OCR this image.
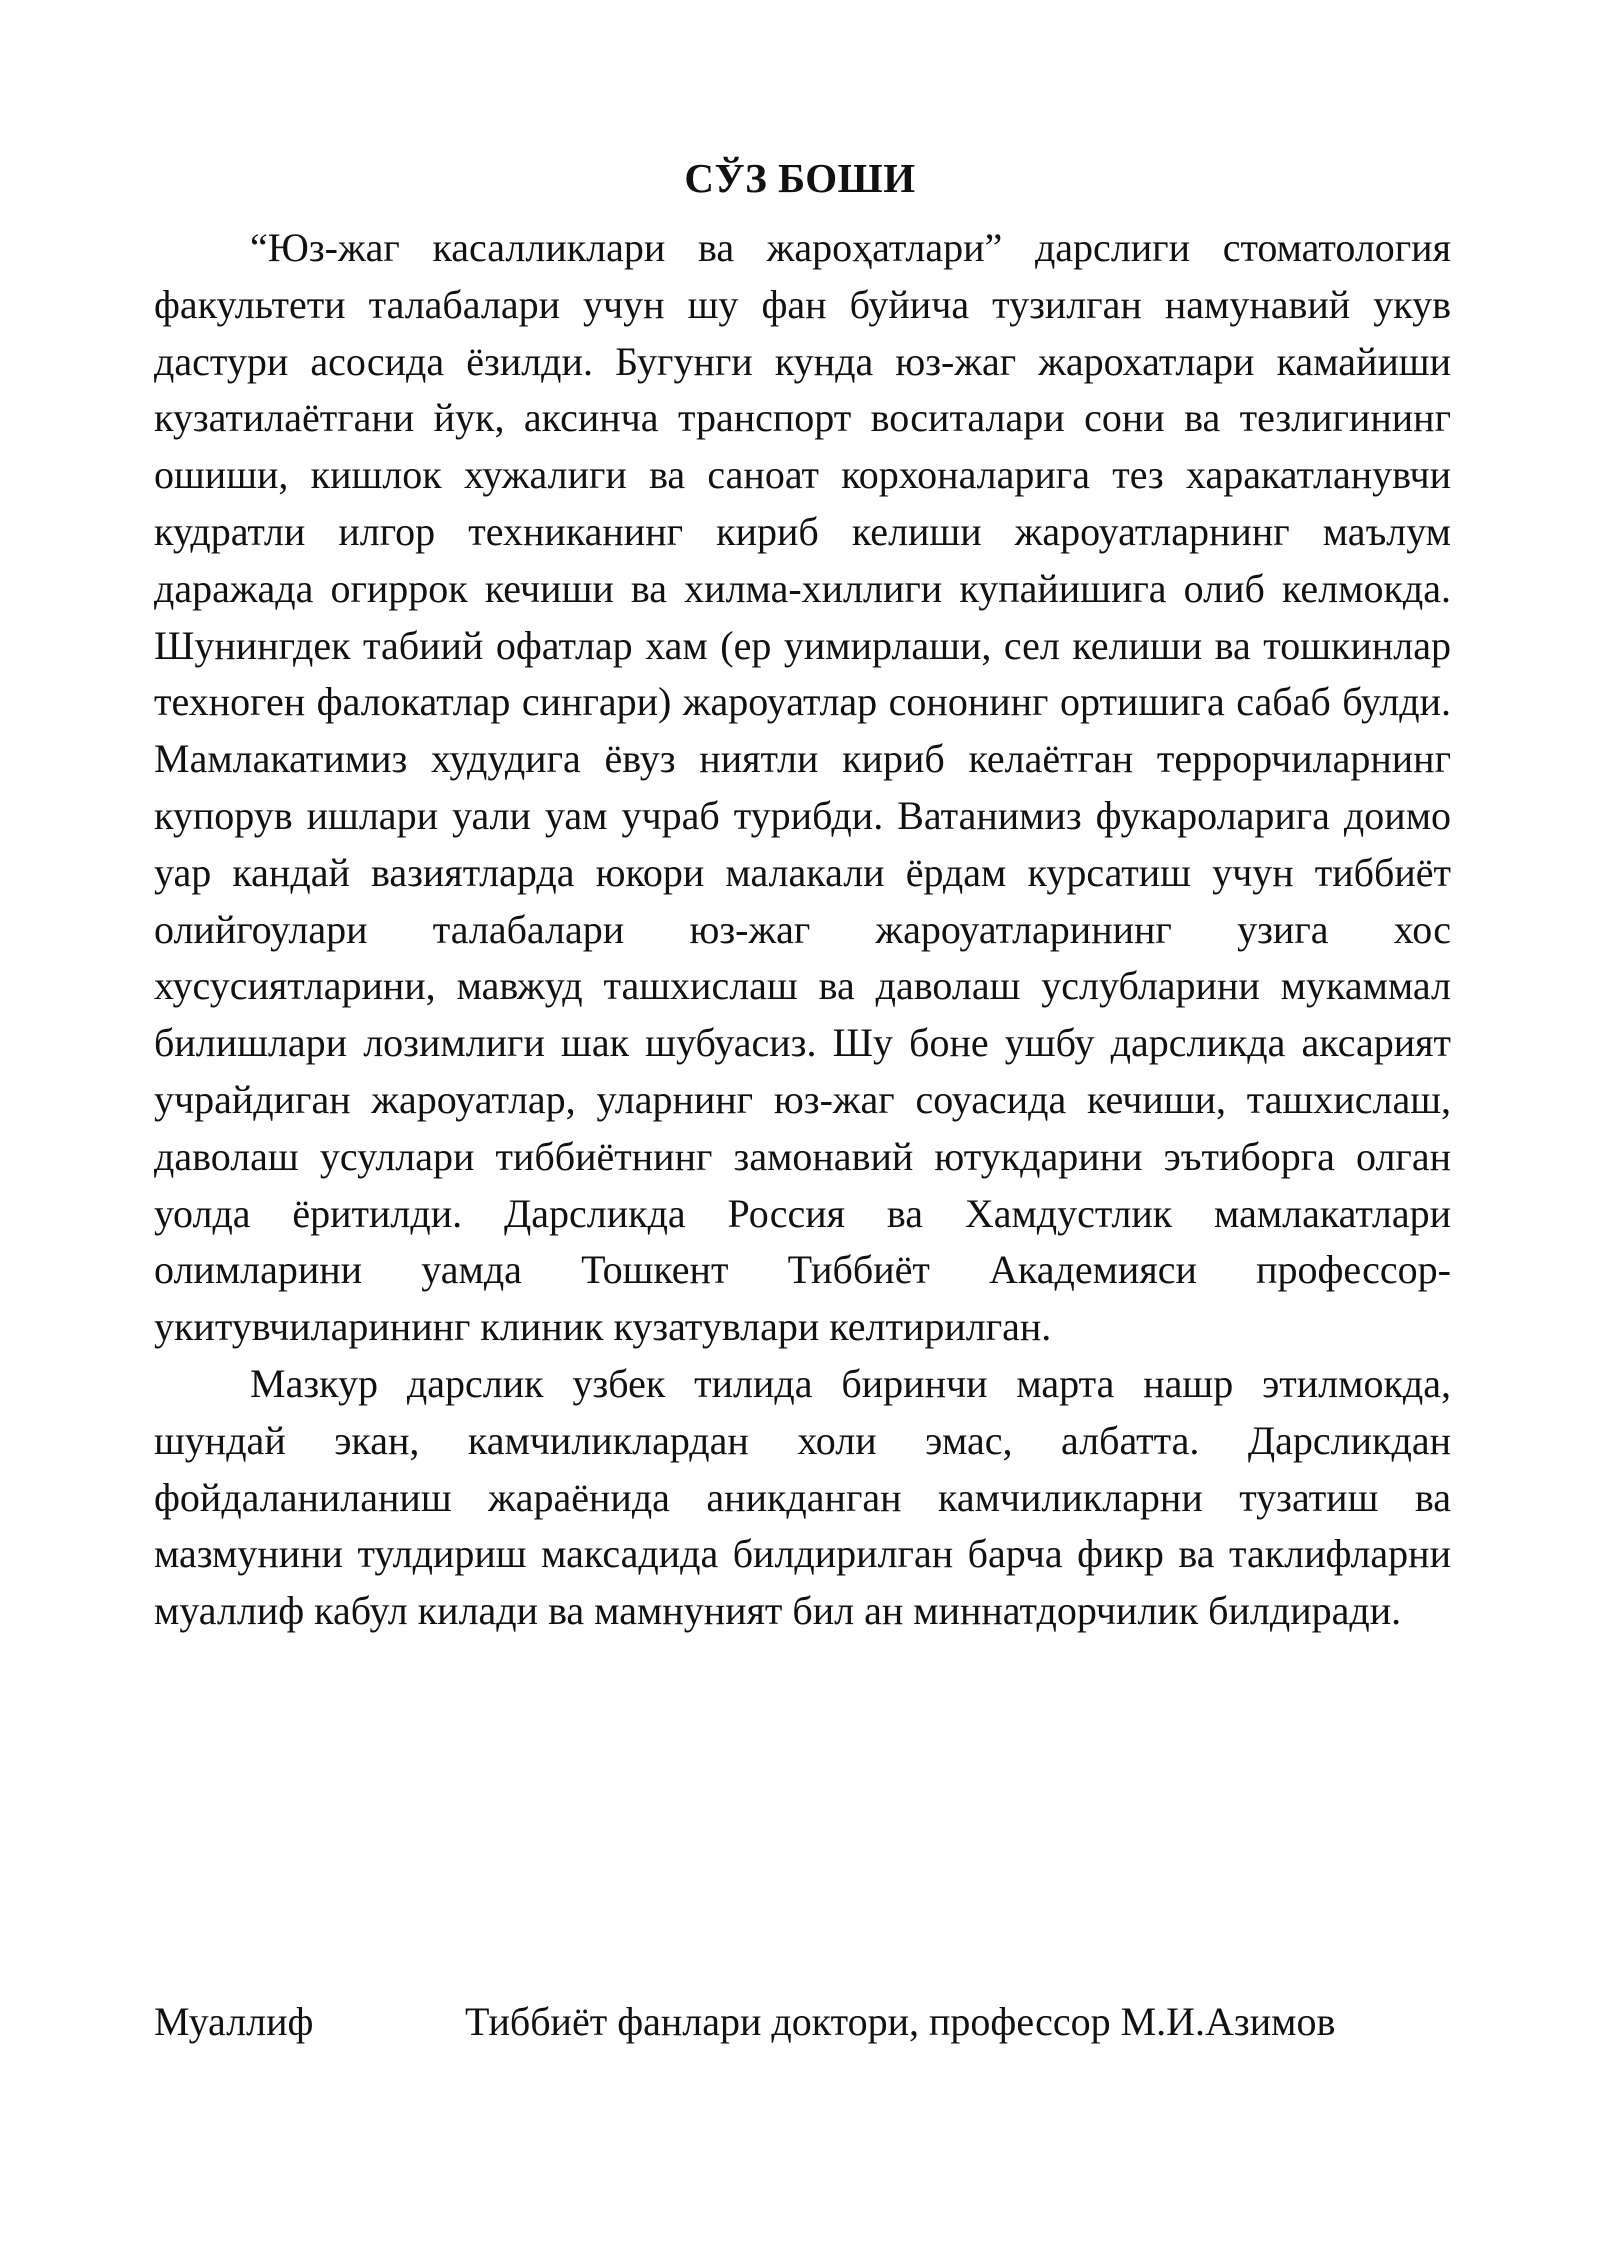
СЎЗ БОШИ

“Юз-жаг касалликлари ва жароҳатлари” дарслиги стоматология факультети талабалари учун шу фан буйича тузилган намунавий укув дастури асосида ёзилди. Бугунги кунда юз-жаг жарохатлари камайиши кузатилаётгани йук, аксинча транспорт воситалари сони ва тезлигининг ошиши, кишлок хужалиги ва саноат корхоналарига тез харакатланувчи кудратли илгор техниканинг кириб келиши жароуатларнинг маълум даражада огиррок кечиши ва хилма-хиллиги купайишига олиб келмокда. Шунингдек табиий офатлар хам (ер уимирлаши, сел келиши ва тошкинлар техноген фалокатлар сингари) жароуатлар сононинг ортишига сабаб булди. Мамлакатимиз худудига ёвуз ниятли кириб келаётган террорчиларнинг купорув ишлари уали уам учраб турибди. Ватанимиз фукароларига доимо уар кандай вазиятларда юкори малакали ёрдам курсатиш учун тиббиёт олийгоулари талабалари юз-жаг жароуатларининг узига хос хусусиятларини, мавжуд ташхислаш ва даволаш услубларини мукаммал билишлари лозимлиги шак шубуасиз. Шу боне ушбу дарсликда аксарият учрайдиган жароуатлар, уларнинг юз-жаг соуасида кечиши, ташхислаш, даволаш усуллари тиббиётнинг замонавий ютукдарини эътиборга олган уолда ёритилди. Дарсликда Россия ва Хамдустлик мамлакатлари олимларини уамда Тошкент Тиббиёт Академияси профессор-укитувчиларининг клиник кузатувлари келтирилган.

Мазкур дарслик узбек тилида биринчи марта нашр этилмокда, шундай экан, камчиликлардан холи эмас, албатта. Дарсликдан фойдаланиланиш жараёнида аникданган камчиликларни тузатиш ва мазмунини тулдириш максадида билдирилган барча фикр ва таклифларни муаллиф кабул килади ва мамнуният бил ан миннатдорчилик билдиради.

Муаллиф	Тиббиёт фанлари доктори, профессор М.И.Азимов
